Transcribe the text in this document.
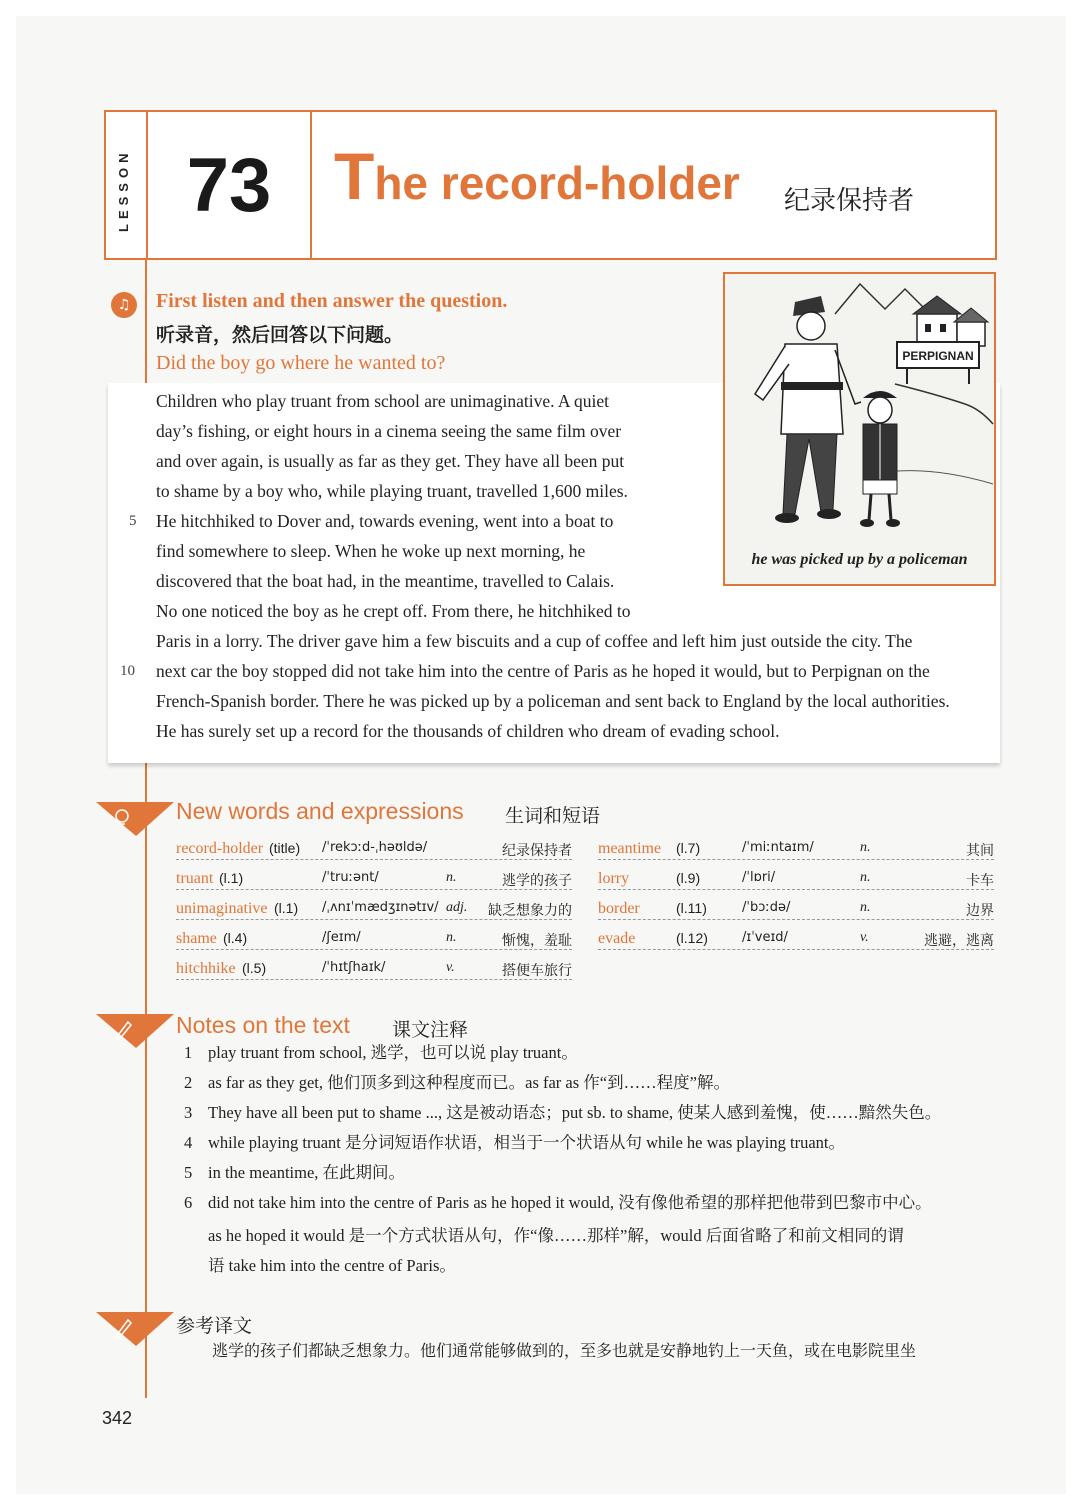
LESSON 73 The record-holder 纪录保持者
♫	First listen and then answer the question.
听录音，然后回答以下问题。
Did the boy go where he wanted to?
Children who play truant from school are unimaginative. A quiet
day’s fishing, or eight hours in a cinema seeing the same film over
and over again, is usually as far as they get. They have all been put
to shame by a boy who, while playing truant, travelled 1,600 miles.
He hitchhiked to Dover and, towards evening, went into a boat to
find somewhere to sleep. When he woke up next morning, he
discovered that the boat had, in the meantime, travelled to Calais.
No one noticed the boy as he crept off. From there, he hitchhiked to
Paris in a lorry. The driver gave him a few biscuits and a cup of coffee and left him just outside the city. The
next car the boy stopped did not take him into the centre of Paris as he hoped it would, but to Perpignan on the
French-Spanish border. There he was picked up by a policeman and sent back to England by the local authorities.
He has surely set up a record for the thousands of children who dream of evading school.
5
10
PERPIGNAN
he was picked up by a policeman
New words and expressions 生词和短语
record-holder (title) /ˈrekɔːd-ˌhəʊldə/	纪录保持者
truant (l.1)	/ˈtruːənt/	n.	逃学的孩子
unimaginative (l.1) /ˌʌnɪˈmædʒɪnətɪv/ adj. 缺乏想象力的
shame (l.4)	/ʃeɪm/	n.	惭愧，羞耻
hitchhike (l.5)	/ˈhɪtʃhaɪk/	v.	搭便车旅行
meantime (l.7)	/ˈmiːntaɪm/	n.	其间
lorry	(l.9)	/ˈlɒri/	n.	卡车
border	(l.11)	/ˈbɔːdə/	n.	边界
evade	(l.12)	/ɪˈveɪd/	v.	逃避，逃离
Notes on the text 课文注释
1 play truant from school, 逃学，也可以说 play truant。
2 as far as they get, 他们顶多到这种程度而已。as far as 作“到……程度”解。
3 They have all been put to shame ..., 这是被动语态；put sb. to shame, 使某人感到羞愧，使……黯然失色。
4 while playing truant 是分词短语作状语，相当于一个状语从句 while he was playing truant。
5 in the meantime, 在此期间。
6 did not take him into the centre of Paris as he hoped it would, 没有像他希望的那样把他带到巴黎市中心。
as he hoped it would 是一个方式状语从句，作“像……那样”解，would 后面省略了和前文相同的谓
语 take him into the centre of Paris。
参考译文
逃学的孩子们都缺乏想象力。他们通常能够做到的，至多也就是安静地钓上一天鱼，或在电影院里坐
342
